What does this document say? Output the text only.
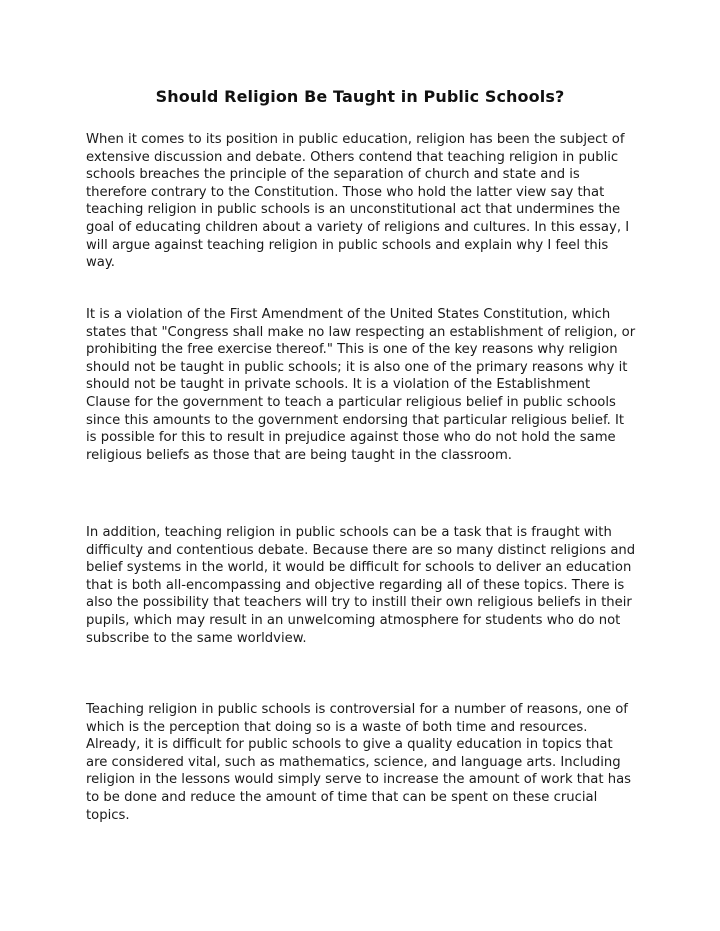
Should Religion Be Taught in Public Schools?

When it comes to its position in public education, religion has been the subject of extensive discussion and debate. Others contend that teaching religion in public schools breaches the principle of the separation of church and state and is therefore contrary to the Constitution. Those who hold the latter view say that teaching religion in public schools is an unconstitutional act that undermines the goal of educating children about a variety of religions and cultures. In this essay, I will argue against teaching religion in public schools and explain why I feel this way.

It is a violation of the First Amendment of the United States Constitution, which states that "Congress shall make no law respecting an establishment of religion, or prohibiting the free exercise thereof." This is one of the key reasons why religion should not be taught in public schools; it is also one of the primary reasons why it should not be taught in private schools. It is a violation of the Establishment Clause for the government to teach a particular religious belief in public schools since this amounts to the government endorsing that particular religious belief. It is possible for this to result in prejudice against those who do not hold the same religious beliefs as those that are being taught in the classroom.

In addition, teaching religion in public schools can be a task that is fraught with difficulty and contentious debate. Because there are so many distinct religions and belief systems in the world, it would be difficult for schools to deliver an education that is both all-encompassing and objective regarding all of these topics. There is also the possibility that teachers will try to instill their own religious beliefs in their pupils, which may result in an unwelcoming atmosphere for students who do not subscribe to the same worldview.

Teaching religion in public schools is controversial for a number of reasons, one of which is the perception that doing so is a waste of both time and resources. Already, it is difficult for public schools to give a quality education in topics that are considered vital, such as mathematics, science, and language arts. Including religion in the lessons would simply serve to increase the amount of work that has to be done and reduce the amount of time that can be spent on these crucial topics.
